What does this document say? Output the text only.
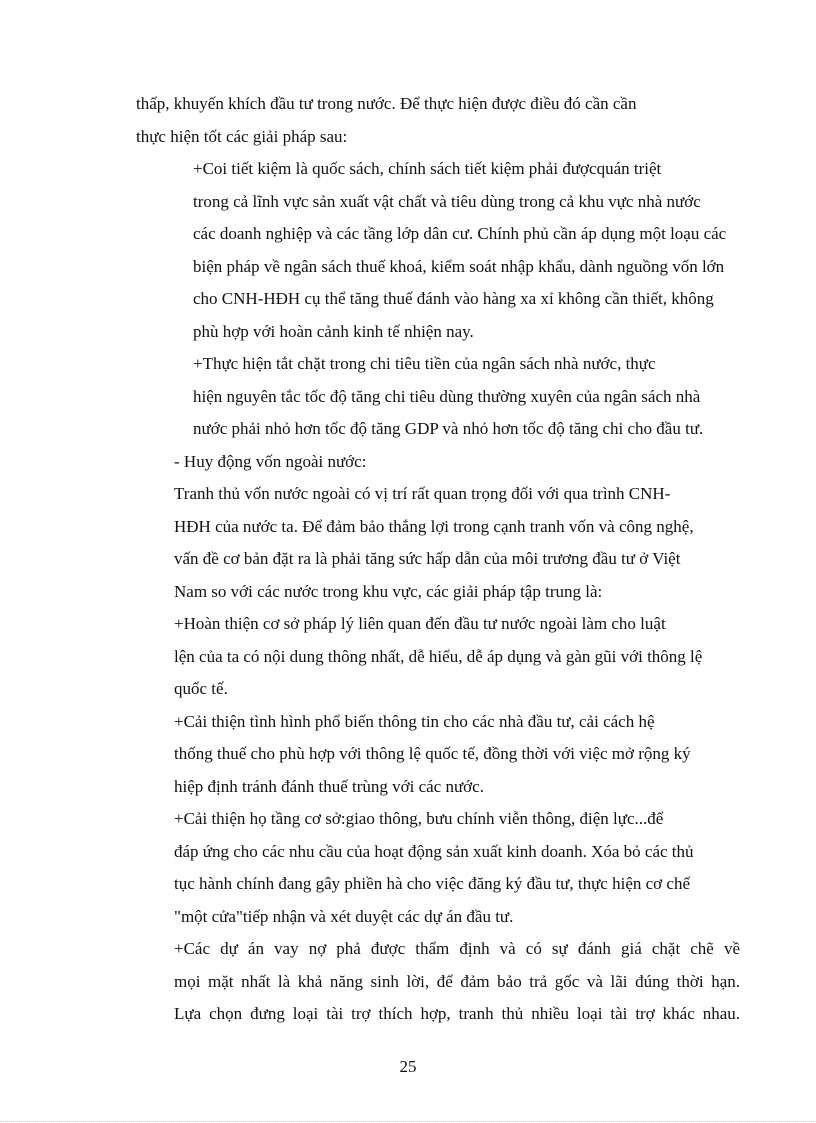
thấp, khuyến khích đầu tư trong nước. Để thực hiện được điều đó cần cần
thực hiện tốt các giải pháp sau:

+Coi tiết kiệm là quốc sách, chính sách tiết kiệm phải đượcquán triệt
trong cả lĩnh vực sản xuất vật chất và tiêu dùng trong cả khu vực nhà nước
các doanh nghiệp và các tầng lớp dân cư. Chính phủ cần áp dụng một loạu các
biện pháp về ngân sách thuế khoá, kiểm soát nhập khẩu, dành nguồng vốn lớn
cho CNH-HĐH cụ thể tăng thuế đánh vào hàng xa xỉ không cần thiết, không
phù hợp với hoàn cảnh kinh tế nhiện nay.

+Thực hiện tắt chặt trong chi tiêu tiền của ngân sách nhà nước, thực
hiện nguyên tắc tốc độ tăng chi tiêu dùng thường xuyên của ngân sách nhà
nước phải nhỏ hơn tốc độ tăng GDP và nhỏ hơn tốc độ tăng chi cho đầu tư.

- Huy động vốn ngoài nước:

Tranh thủ vốn nước ngoài có vị trí rất quan trọng đối với qua trình CNH-
HĐH của nước ta. Để đảm bảo thắng lợi trong cạnh tranh vốn và công nghệ,
vấn đề cơ bản đặt ra là phải tăng sức hấp dẫn của môi trương đầu tư ở Việt
Nam so với các nước trong khu vực, các giải pháp tập trung là:

+Hoàn thiện cơ sở pháp lý liên quan đến đầu tư nước ngoài làm cho luật
lện của ta có nội dung thông nhất, dễ hiểu, dễ áp dụng và gàn gũi với thông lệ
quốc tế.

+Cải thiện tình hình phổ biến thông tin cho các nhà đầu tư, cải cách hệ
thống thuế cho phù hợp với thông lệ quốc tế, đồng thời với việc mở rộng ký
hiệp định tránh đánh thuế trùng với các nước.

+Cải thiện họ tầng cơ sở:giao thông, bưu chính viễn thông, điện lực...để
đáp ứng cho các nhu cầu của hoạt động sản xuất kinh doanh. Xóa bỏ các thủ
tục hành chính đang gây phiền hà cho việc đăng ký đầu tư, thực hiện cơ chế
"một cửa"tiếp nhận và xét duyệt các dự án đầu tư.

+Các dự án vay nợ phả được thẩm định và có sự đánh giá chặt chẽ về
mọi mặt nhất là khả năng sinh lời, để đảm bảo trả gốc và lãi đúng thời hạn.
Lựa chọn đưng loại tài trợ thích hợp, tranh thủ nhiều loại tài trợ khác nhau.

25
